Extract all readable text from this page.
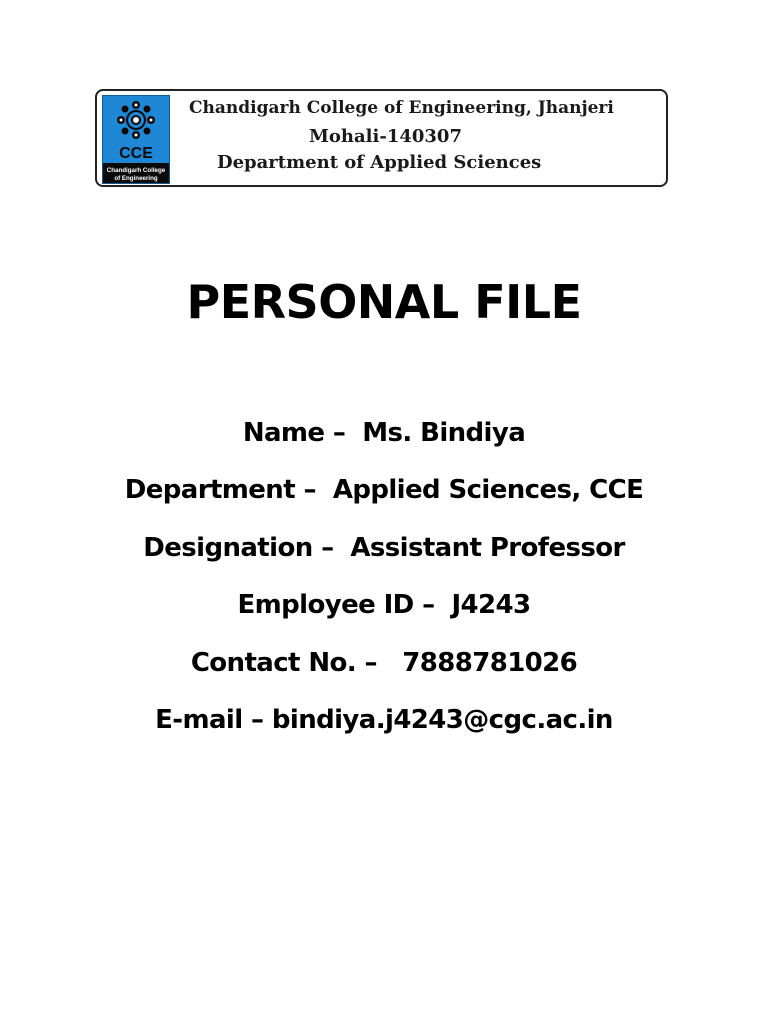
CCE
Chandigarh College
of Engineering
Chandigarh College of Engineering, Jhanjeri
Mohali-140307
Department of Applied Sciences
PERSONAL FILE
Name –  Ms. Bindiya
Department –  Applied Sciences, CCE
Designation –  Assistant Professor
Employee ID –  J4243
Contact No. –   7888781026
E-mail – bindiya.j4243@cgc.ac.in
